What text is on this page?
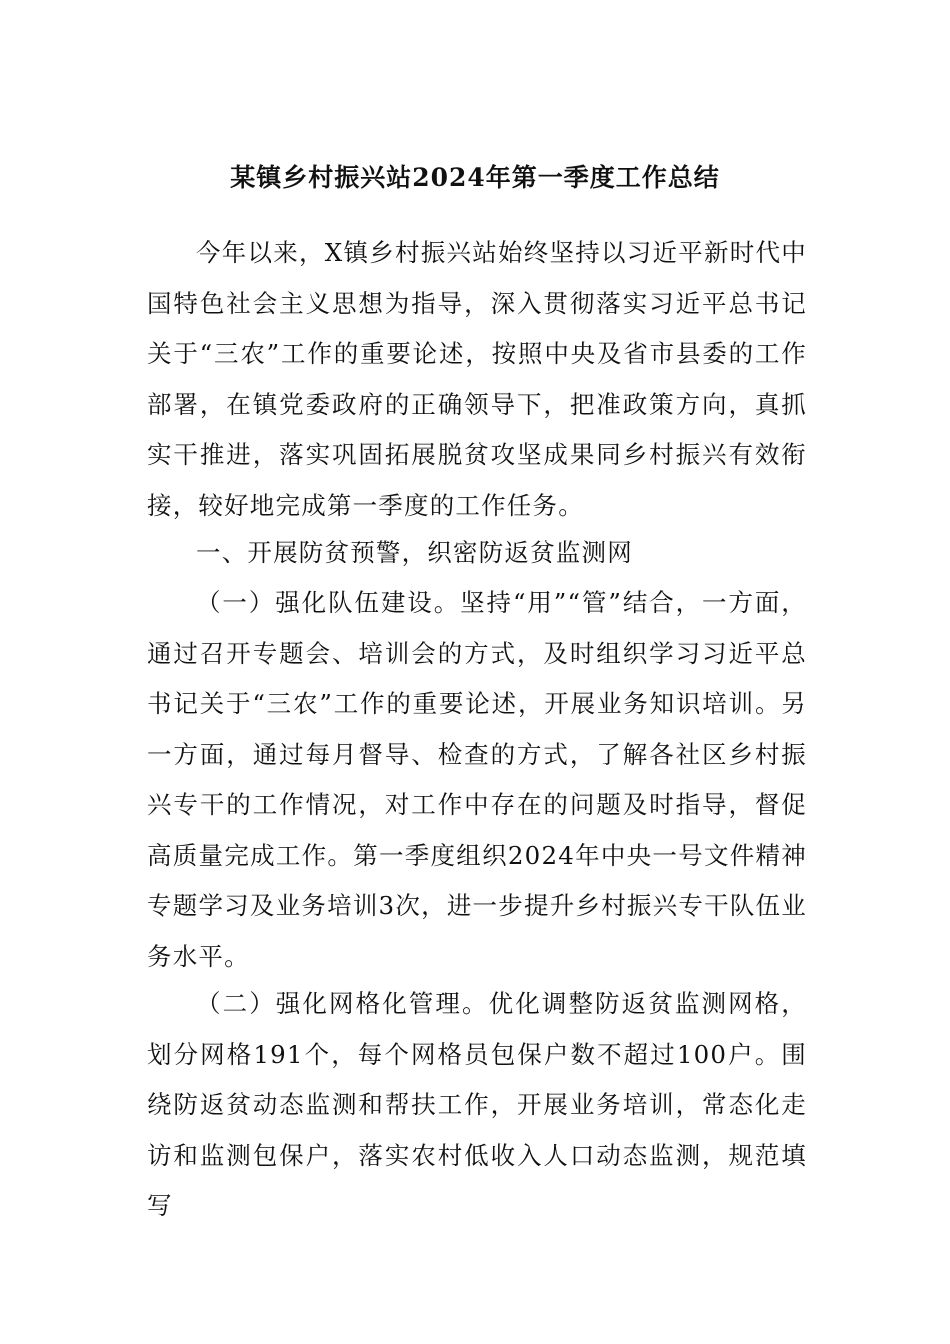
某镇乡村振兴站2024年第一季度工作总结

今年以来，X镇乡村振兴站始终坚持以习近平新时代中国特色社会主义思想为指导，深入贯彻落实习近平总书记关于“三农”工作的重要论述，按照中央及省市县委的工作部署，在镇党委政府的正确领导下，把准政策方向，真抓实干推进，落实巩固拓展脱贫攻坚成果同乡村振兴有效衔接，较好地完成第一季度的工作任务。

一、开展防贫预警，织密防返贫监测网

（一）强化队伍建设。坚持“用”“管”结合，一方面，通过召开专题会、培训会的方式，及时组织学习习近平总书记关于“三农”工作的重要论述，开展业务知识培训。另一方面，通过每月督导、检查的方式，了解各社区乡村振兴专干的工作情况，对工作中存在的问题及时指导，督促高质量完成工作。第一季度组织2024年中央一号文件精神专题学习及业务培训3次，进一步提升乡村振兴专干队伍业务水平。

（二）强化网格化管理。优化调整防返贫监测网格，划分网格191个，每个网格员包保户数不超过100户。围绕防返贫动态监测和帮扶工作，开展业务培训，常态化走访和监测包保户，落实农村低收入人口动态监测，规范填写
